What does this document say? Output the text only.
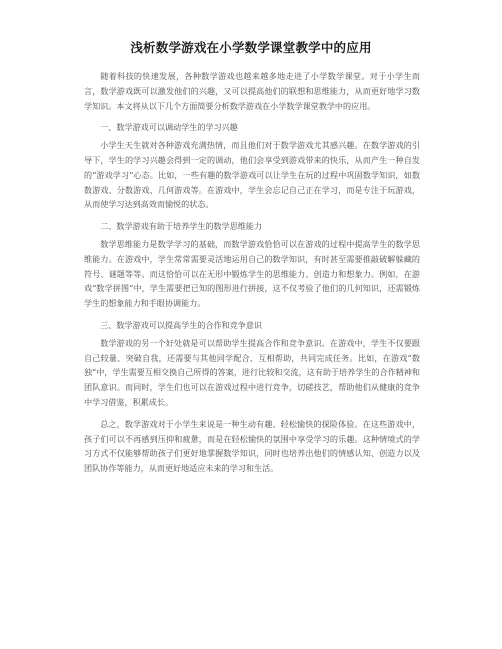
浅析数学游戏在小学数学课堂教学中的应用

随着科技的快速发展，各种数学游戏也越来越多地走进了小学数学课堂。对于小学生而言，数学游戏既可以激发他们的兴趣，又可以提高他们的联想和思维能力，从而更好地学习数学知识。本文将从以下几个方面简要分析数学游戏在小学数学课堂教学中的应用。

一、数学游戏可以调动学生的学习兴趣

小学生天生就对各种游戏充满热情，而且他们对于数学游戏尤其感兴趣。在数学游戏的引导下，学生的学习兴趣会得到一定的调动，他们会享受到游戏带来的快乐，从而产生一种自发的“游戏学习”心态。比如，一些有趣的数学游戏可以让学生在玩的过程中巩固数学知识，如数数游戏、分数游戏、几何游戏等。在游戏中，学生会忘记自己正在学习，而是专注于玩游戏，从而使学习达到高效而愉悦的状态。

二、数学游戏有助于培养学生的数学思维能力

数学思维能力是数学学习的基础，而数学游戏恰恰可以在游戏的过程中提高学生的数学思维能力。在游戏中，学生常常需要灵活地运用自己的数学知识，有时甚至需要推敲破解躲藏的符号、谜题等等。而这恰恰可以在无形中锻炼学生的思维能力、创造力和想象力。例如，在游戏“数学拼图”中，学生需要把已知的图形进行拼接，这不仅考验了他们的几何知识，还需锻炼学生的想象能力和手眼协调能力。

三、数学游戏可以提高学生的合作和竞争意识

数学游戏的另一个好处就是可以帮助学生提高合作和竞争意识。在游戏中，学生不仅要跟自己较量、突破自我，还需要与其他同学配合、互相帮助，共同完成任务。比如，在游戏“数独”中，学生需要互相交换自己所得的答案，进行比较和交流，这有助于培养学生的合作精神和团队意识。而同时，学生们也可以在游戏过程中进行竞争，切磋技艺，帮助他们从健康的竞争中学习借鉴，积累成长。

总之，数学游戏对于小学生来说是一种生动有趣、轻松愉快的探险体验。在这些游戏中，孩子们可以不再感到压抑和疲惫，而是在轻松愉快的氛围中享受学习的乐趣。这种情境式的学习方式不仅能够帮助孩子们更好地掌握数学知识，同时也培养出他们的情感认知、创造力以及团队协作等能力，从而更好地适应未来的学习和生活。
